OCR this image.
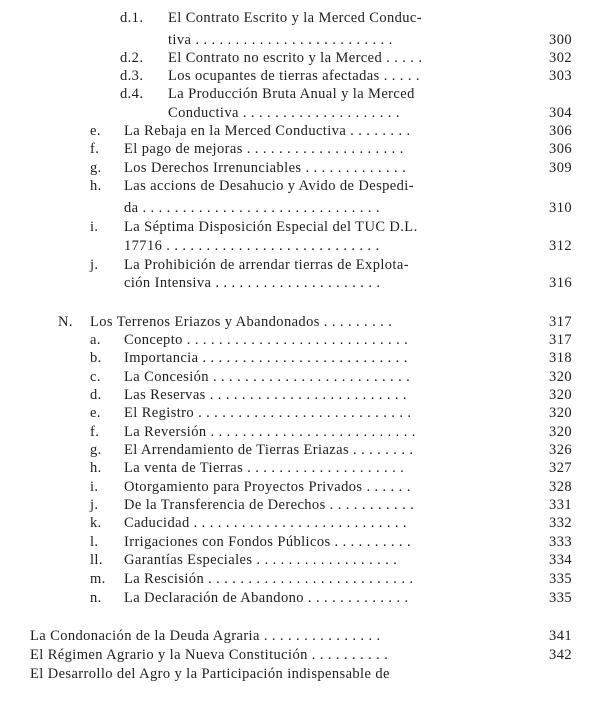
d.1. El Contrato Escrito y la Merced Conduc-
tiva . . . . . . . . . . . . . . . . . . . . . . . . .	300
d.2. El Contrato no escrito y la Merced . . . . .	302
d.3. Los ocupantes de tierras afectadas . . . . .	303
d.4. La Producción Bruta Anual y la Merced
Conductiva . . . . . . . . . . . . . . . . . . . .	304
e. La Rebaja en la Merced Conductiva . . . . . . . .	306
f. El pago de mejoras . . . . . . . . . . . . . . . . . . . .	306
g. Los Derechos Irrenunciables . . . . . . . . . . . . .	309
h. Las accions de Desahucio y Avido de Despedi-
da . . . . . . . . . . . . . . . . . . . . . . . . . . . . . .	310
i. La Séptima Disposición Especial del TUC D.L.
17716 . . . . . . . . . . . . . . . . . . . . . . . . . . .	312
j. La Prohibición de arrendar tierras de Explota-
ción Intensiva . . . . . . . . . . . . . . . . . . . . .	316
N. Los Terrenos Eriazos y Abandonados . . . . . . . . .	317
a. Concepto . . . . . . . . . . . . . . . . . . . . . . . . . . . .	317
b. Importancia . . . . . . . . . . . . . . . . . . . . . . . . . .	318
c. La Concesión . . . . . . . . . . . . . . . . . . . . . . . . .	320
d. Las Reservas . . . . . . . . . . . . . . . . . . . . . . . . .	320
e. El Registro . . . . . . . . . . . . . . . . . . . . . . . . . . .	320
f. La Reversión . . . . . . . . . . . . . . . . . . . . . . . . . .	320
g. El Arrendamiento de Tierras Eriazas . . . . . . . .	326
h. La venta de Tierras . . . . . . . . . . . . . . . . . . . .	327
i. Otorgamiento para Proyectos Privados . . . . . .	328
j. De la Transferencia de Derechos . . . . . . . . . . .	331
k. Caducidad . . . . . . . . . . . . . . . . . . . . . . . . . . .	332
l. Irrigaciones con Fondos Públicos . . . . . . . . . .	333
ll. Garantías Especiales . . . . . . . . . . . . . . . . . .	334
m. La Rescisión . . . . . . . . . . . . . . . . . . . . . . . . . .	335
n. La Declaración de Abandono . . . . . . . . . . . . .	335
La Condonación de la Deuda Agraria . . . . . . . . . . . . . . .	341
El Régimen Agrario y la Nueva Constitución . . . . . . . . . .	342
El Desarrollo del Agro y la Participación indispensable de
